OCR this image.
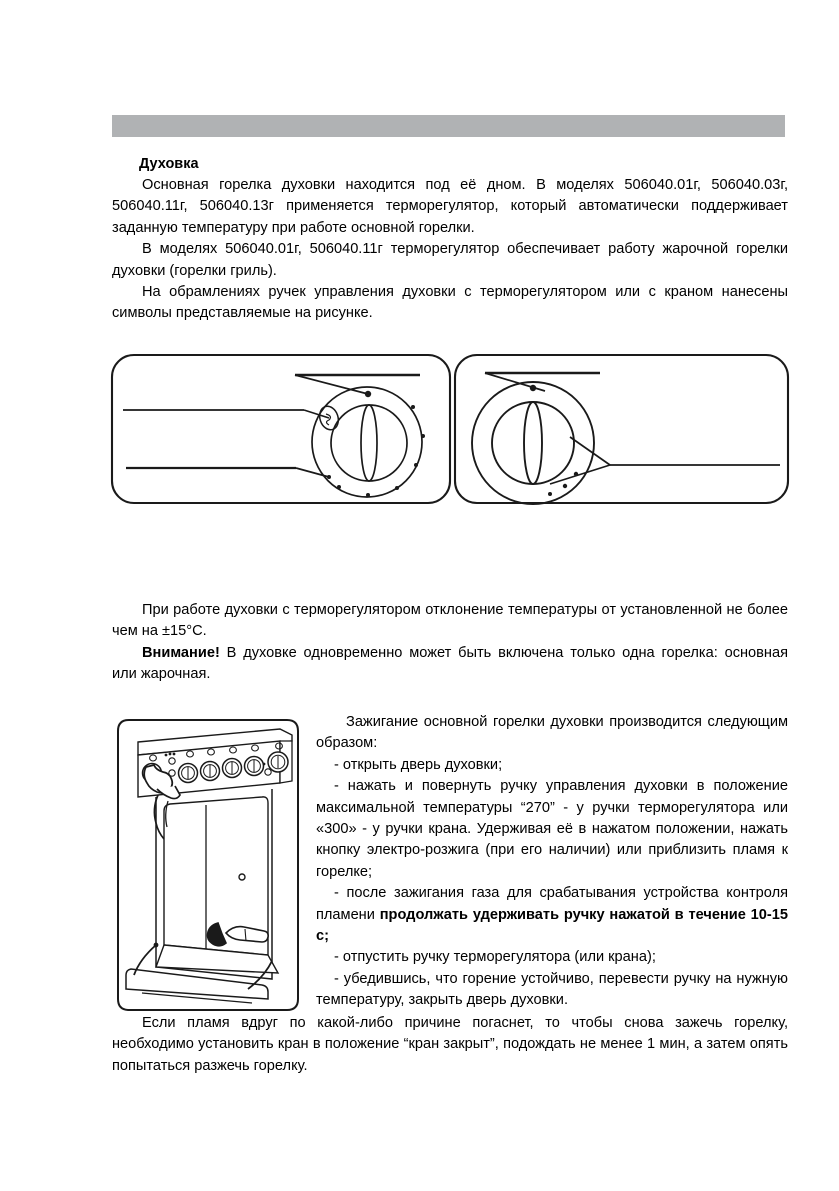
Духовка

Основная горелка духовки находится под её дном. В моделях 506040.01г, 506040.03г, 506040.11г, 506040.13г применяется терморегулятор, который автоматически поддерживает заданную температуру при работе основной горелки.

В моделях 506040.01г, 506040.11г терморегулятор обеспечивает работу жарочной горелки духовки (горелки гриль).

На обрамлениях ручек управления духовки с терморегулятором или с краном нанесены символы представляемые на рисунке.

При работе духовки с терморегулятором отклонение температуры от установленной не более чем на ±15°С.

Внимание! В духовке одновременно может быть включена только одна горелка: основная или жарочная.

Зажигание основной горелки духовки производится следующим образом:

- открыть дверь духовки;

- нажать и повернуть ручку управления духовки в положение максимальной температуры “270” - у ручки терморегулятора или «300» - у ручки крана. Удерживая её в нажатом положении, нажать кнопку электро-розжига (при его наличии) или приблизить пламя к горелке;

- после зажигания газа для срабатывания устройства контроля пламени продолжать удерживать ручку нажатой в течение 10-15 с;

- отпустить ручку терморегулятора (или крана);

- убедившись, что горение устойчиво, перевести ручку на нужную температуру, закрыть дверь духовки.

Если пламя вдруг по какой-либо причине погаснет, то чтобы снова зажечь горелку, необходимо установить кран в положение “кран закрыт”, подождать не менее 1 мин, а затем опять попытаться разжечь горелку.
